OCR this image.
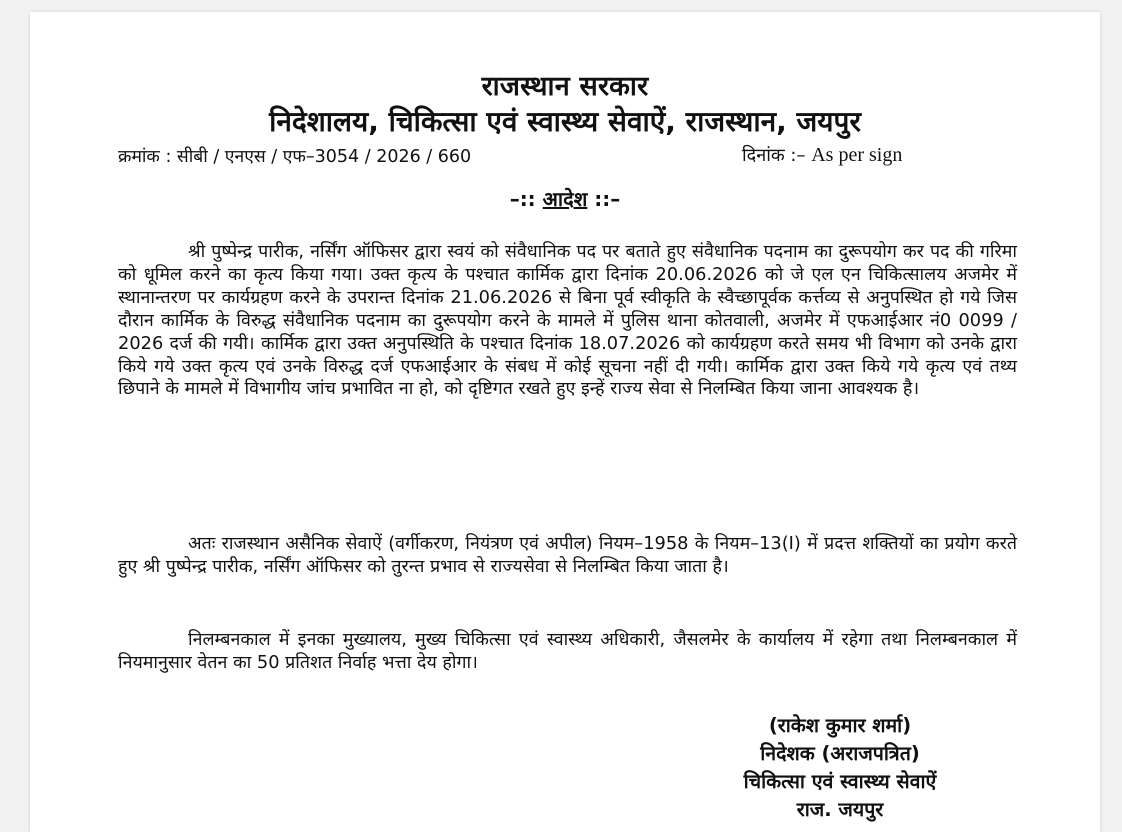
राजस्थान सरकार
निदेशालय, चिकित्सा एवं स्वास्थ्य सेवाऐं, राजस्थान, जयपुर
क्रमांक : सीबी / एनएस / एफ–3054 / 2026 / 660	दिनांक :– As per sign
–:: आदेश ::–

श्री पुष्पेन्द्र पारीक, नर्सिंग ऑफिसर द्वारा स्वयं को संवैधानिक पद पर बताते हुए संवैधानिक पदनाम का दुरूपयोग कर पद की गरिमा को धूमिल करने का कृत्य किया गया। उक्त कृत्य के पश्चात कार्मिक द्वारा दिनांक 20.06.2026 को जे एल एन चिकित्सालय अजमेर में स्थानान्तरण पर कार्यग्रहण करने के उपरान्त दिनांक 21.06.2026 से बिना पूर्व स्वीकृति के स्वैच्छापूर्वक कर्त्तव्य से अनुपस्थित हो गये जिस दौरान कार्मिक के विरुद्ध संवैधानिक पदनाम का दुरूपयोग करने के मामले में पुलिस थाना कोतवाली, अजमेर में एफआईआर नं0 0099 / 2026 दर्ज की गयी। कार्मिक द्वारा उक्त अनुपस्थिति के पश्चात दिनांक 18.07.2026 को कार्यग्रहण करते समय भी विभाग को उनके द्वारा किये गये उक्त कृत्य एवं उनके विरुद्ध दर्ज एफआईआर के संबध में कोई सूचना नहीं दी गयी। कार्मिक द्वारा उक्त किये गये कृत्य एवं तथ्य छिपाने के मामले में विभागीय जांच प्रभावित ना हो, को दृष्टिगत रखते हुए इन्हें राज्य सेवा से निलम्बित किया जाना आवश्यक है।

अतः राजस्थान असैनिक सेवाऐं (वर्गीकरण, नियंत्रण एवं अपील) नियम–1958 के नियम–13(I) में प्रदत्त शक्तियों का प्रयोग करते हुए श्री पुष्पेन्द्र पारीक, नर्सिंग ऑफिसर को तुरन्त प्रभाव से राज्यसेवा से निलम्बित किया जाता है।

निलम्बनकाल में इनका मुख्यालय, मुख्य चिकित्सा एवं स्वास्थ्य अधिकारी, जैसलमेर के कार्यालय में रहेगा तथा निलम्बनकाल में नियमानुसार वेतन का 50 प्रतिशत निर्वाह भत्ता देय होगा।

(राकेश कुमार शर्मा)
निदेशक (अराजपत्रित)
चिकित्सा एवं स्वास्थ्य सेवाऐं
राज. जयपुर
